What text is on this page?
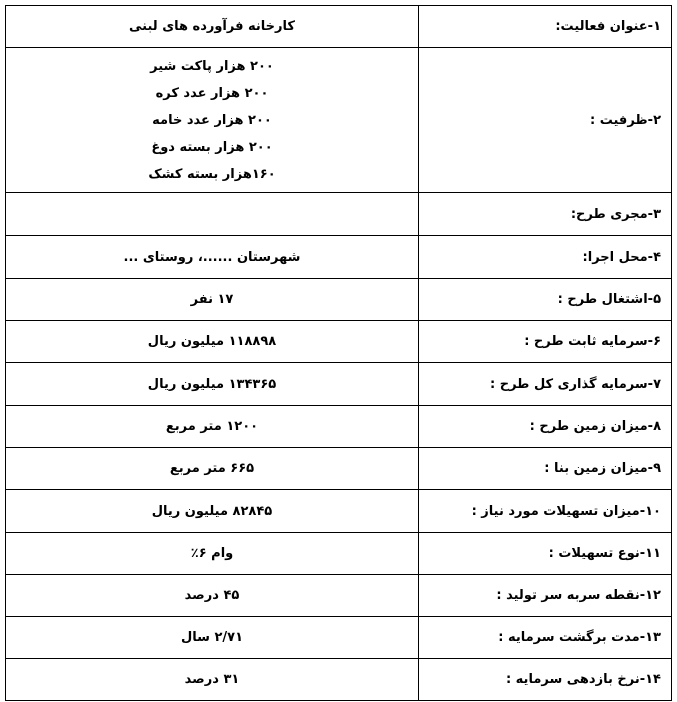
۱-عنوان فعالیت:	کارخانه فرآورده های لبنی
۲-ظرفیت :	۲۰۰ هزار پاکت شیر
۲۰۰ هزار عدد کره
۲۰۰ هزار عدد خامه
۲۰۰ هزار بسته دوغ
۱۶۰هزار بسته کشک

۳-مجری طرح:	
۴-محل اجرا:	شهرستان ......، روستای ...
۵-اشتغال طرح :	۱۷ نفر
۶-سرمایه ثابت طرح :	۱۱۸۸۹۸ میلیون ریال
۷-سرمایه گذاری کل طرح :	۱۳۴۳۶۵ میلیون ریال
۸-میزان زمین طرح :	۱۲۰۰ متر مربع
۹-میزان زمین بنا :	۶۶۵ متر مربع
۱۰-میزان تسهیلات مورد نیاز :	۸۲۸۴۵ میلیون ریال
۱۱-نوع تسهیلات :	وام ۶٪
۱۲-نقطه سربه سر تولید :	۴۵ درصد
۱۳-مدت برگشت سرمایه :	۲/۷۱ سال
۱۴-نرخ بازدهی سرمایه :	۳۱ درصد
